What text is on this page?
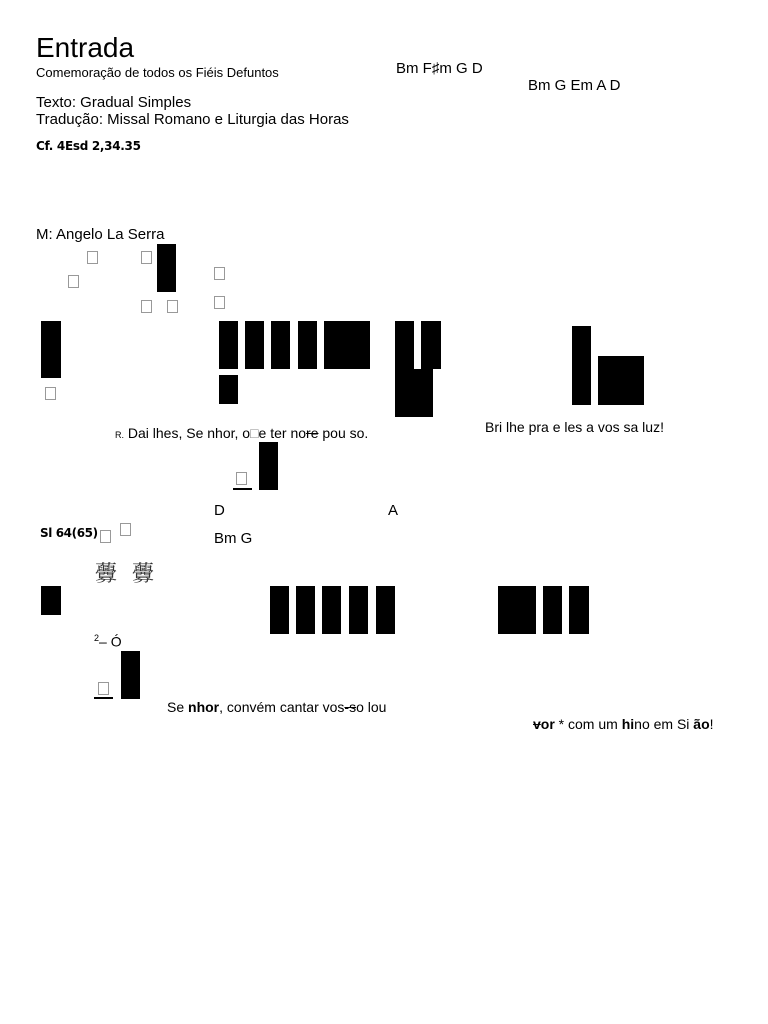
Entrada
Comemoração de todos os Fiéis Defuntos
Texto: Gradual Simples
Tradução: Missal Romano e Liturgia das Horas
Cf. 4Esd 2,34.35
Bm F♯m G D
Bm G Em A D
M: Angelo La Serra
R. Dai lhes, Se nhor, o□e ter nore pou so.	Bri lhe pra e les a vos sa luz!
D	A
Sl 64(65)	Bm G
虋 虋
$^2$– Ó
Se nhor, convém cantar vos-so lou
vor * com um hino em Si ão!
